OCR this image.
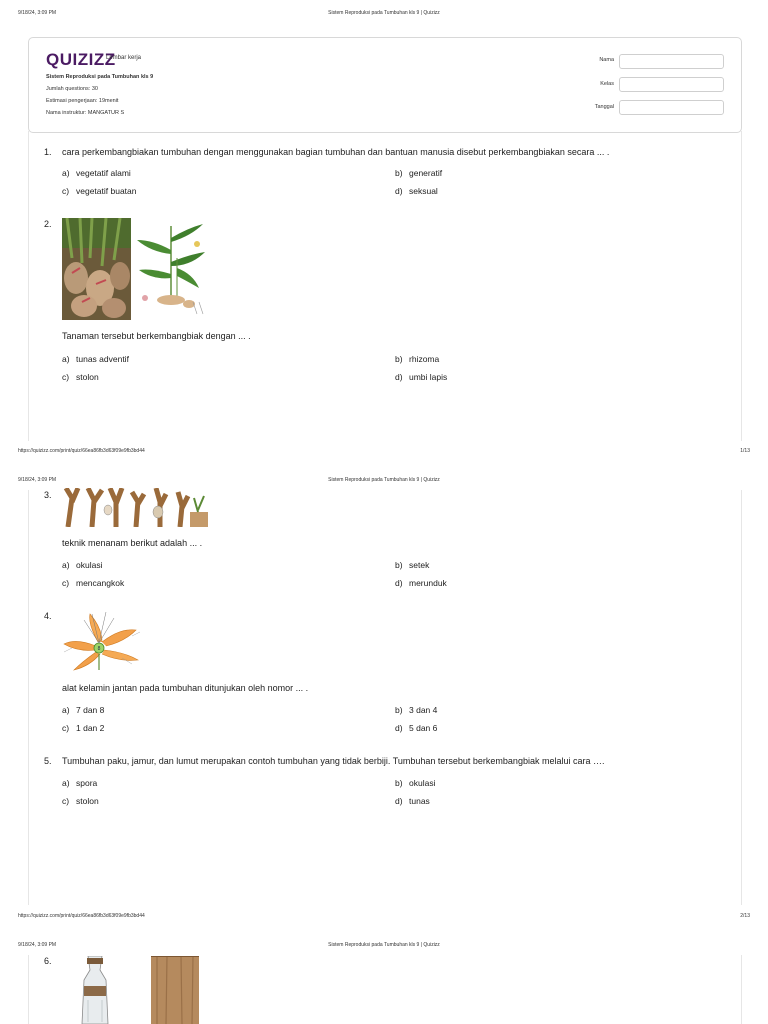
9/18/24, 3:09 PM	Sistem Reproduksi pada Tumbuhan kls 9 | Quizizz
QUIZIZZ
Lembar kerja
Sistem Reproduksi pada Tumbuhan kls 9
Jumlah questions: 30
Estimasi pengerjaan: 19menit
Nama instruktur: MANGATUR S
Nama
Kelas
Tanggal
1. cara perkembangbiakan tumbuhan dengan menggunakan bagian tumbuhan dan bantuan manusia disebut perkembangbiakan secara ... .
a) vegetatif alami	b) generatif
c) vegetatif buatan	d) seksual
2.
Tanaman tersebut berkembangbiak dengan ... .
a) tunas adventif	b) rhizoma
c) stolon	d) umbi lapis
https://quizizz.com/print/quiz/66ea86fb3d63f09e9fb3bd44	1/13
9/18/24, 3:09 PM	Sistem Reproduksi pada Tumbuhan kls 9 | Quizizz
3.
teknik menanam berikut adalah ... .
a) okulasi	b) setek
c) mencangkok	d) merunduk
4.
8
alat kelamin jantan pada tumbuhan ditunjukan oleh nomor ... .
a) 7 dan 8	b) 3 dan 4
c) 1 dan 2	d) 5 dan 6
5. Tumbuhan paku, jamur, dan lumut merupakan contoh tumbuhan yang tidak berbiji. Tumbuhan tersebut berkembangbiak melalui cara ….
a) spora	b) okulasi
c) stolon	d) tunas
https://quizizz.com/print/quiz/66ea86fb3d63f09e9fb3bd44	2/13
9/18/24, 3:09 PM	Sistem Reproduksi pada Tumbuhan kls 9 | Quizizz
6.
